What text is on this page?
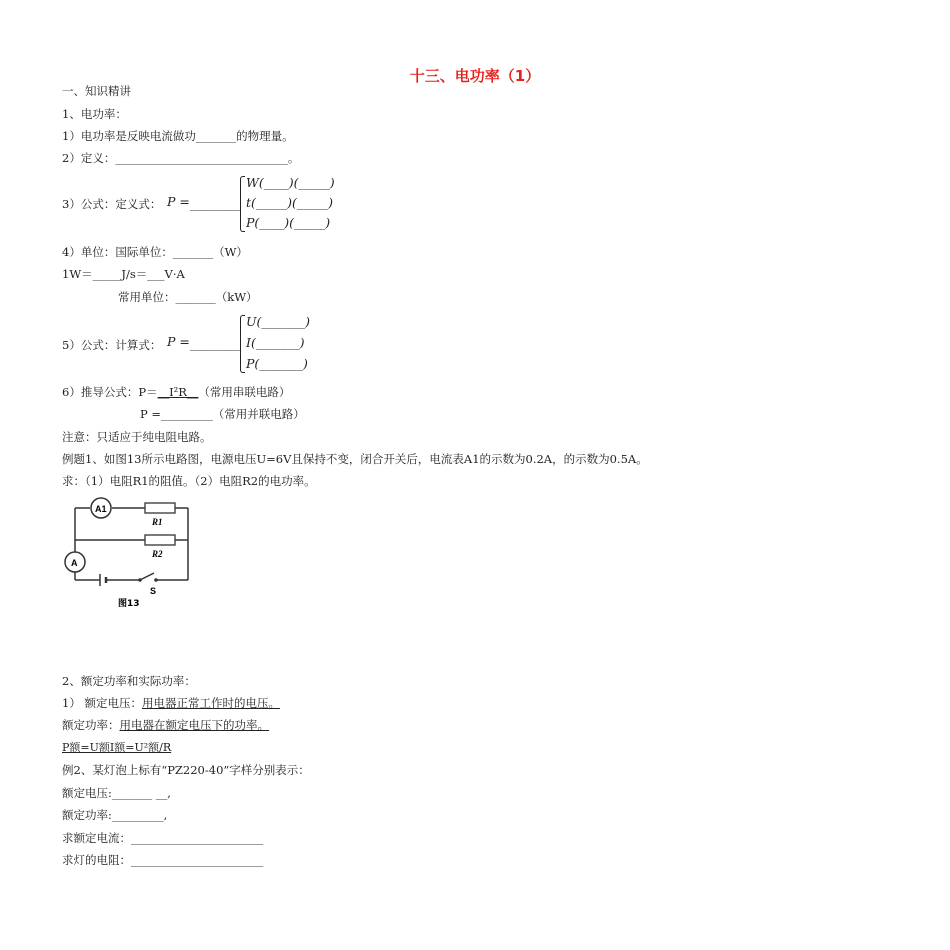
十三、电功率（1）
一、知识精讲
1、电功率：
1）电功率是反映电流做功_______的物理量。
2）定义：______________________________。
3）公式：定义式： P = ________
W(____)(_____)
t(_____)(_____)
P(____)(_____)
4）单位：国际单位：_______（W）
1W＝_____J/s＝___V·A
常用单位：_______（kW）
5）公式：计算式： P = ________
U(_______)
I(_______)
P(_______)
6）推导公式：P＝__I²R__（常用串联电路）
P =_________（常用并联电路）
注意：只适应于纯电阻电路。
例题1、如图13所示电路图，电源电压U=6V且保持不变，闭合开关后，电流表A1的示数为0.2A，的示数为0.5A。
求：（1）电阻R1的阻值。（2）电阻R2的电功率。
A1
A
R1
R2
S
图13
2、额定功率和实际功率：
1） 额定电压：用电器正常工作时的电压。
额定功率：用电器在额定电压下的功率。
P额=U额I额=U²额/R
例2、某灯泡上标有“PZ220-40”字样分别表示：
额定电压:_______ __,
额定功率:_________,
求额定电流：_______________________
求灯的电阻：_______________________
